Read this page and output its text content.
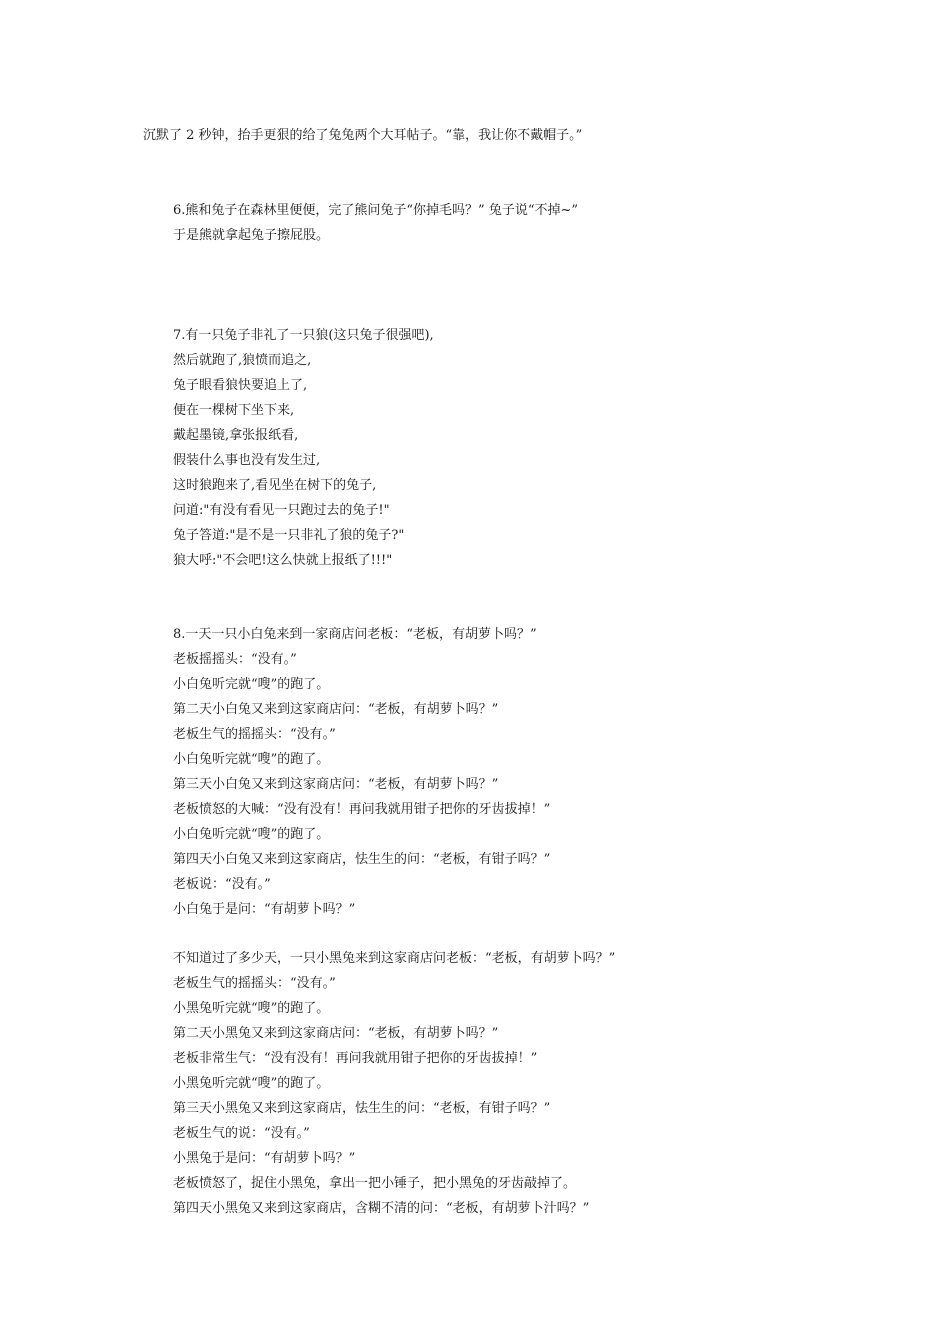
沉默了 2 秒钟，抬手更狠的给了兔兔两个大耳帖子。“靠，我让你不戴帽子。”
6.熊和兔子在森林里便便，完了熊问兔子“你掉毛吗？” 兔子说“不掉~”
于是熊就拿起兔子擦屁股。
7.有一只兔子非礼了一只狼(这只兔子很强吧),
然后就跑了,狼愤而追之,
兔子眼看狼快要追上了,
便在一棵树下坐下来,
戴起墨镜,拿张报纸看,
假装什么事也没有发生过,
这时狼跑来了,看见坐在树下的兔子,
问道:"有没有看见一只跑过去的兔子!"
兔子答道:"是不是一只非礼了狼的兔子?"
狼大呼:"不会吧!这么快就上报纸了!!!"
8.一天一只小白兔来到一家商店问老板：“老板，有胡萝卜吗？”
老板摇摇头：“没有。”
小白兔听完就“嗖”的跑了。
第二天小白兔又来到这家商店问：“老板，有胡萝卜吗？”
老板生气的摇摇头：“没有。”
小白兔听完就“嗖”的跑了。
第三天小白兔又来到这家商店问：“老板，有胡萝卜吗？”
老板愤怒的大喊：“没有没有！再问我就用钳子把你的牙齿拔掉！”
小白兔听完就“嗖”的跑了。
第四天小白兔又来到这家商店，怯生生的问：“老板，有钳子吗？”
老板说：“没有。”
小白兔于是问：“有胡萝卜吗？”
不知道过了多少天，一只小黑兔来到这家商店问老板：“老板，有胡萝卜吗？”
老板生气的摇摇头：“没有。”
小黑兔听完就“嗖”的跑了。
第二天小黑兔又来到这家商店问：“老板，有胡萝卜吗？”
老板非常生气：“没有没有！再问我就用钳子把你的牙齿拔掉！”
小黑兔听完就“嗖”的跑了。
第三天小黑兔又来到这家商店，怯生生的问：“老板，有钳子吗？”
老板生气的说：“没有。”
小黑兔于是问：“有胡萝卜吗？”
老板愤怒了，捉住小黑兔，拿出一把小锤子，把小黑兔的牙齿敲掉了。
第四天小黑兔又来到这家商店，含糊不清的问：“老板，有胡萝卜汁吗？”
